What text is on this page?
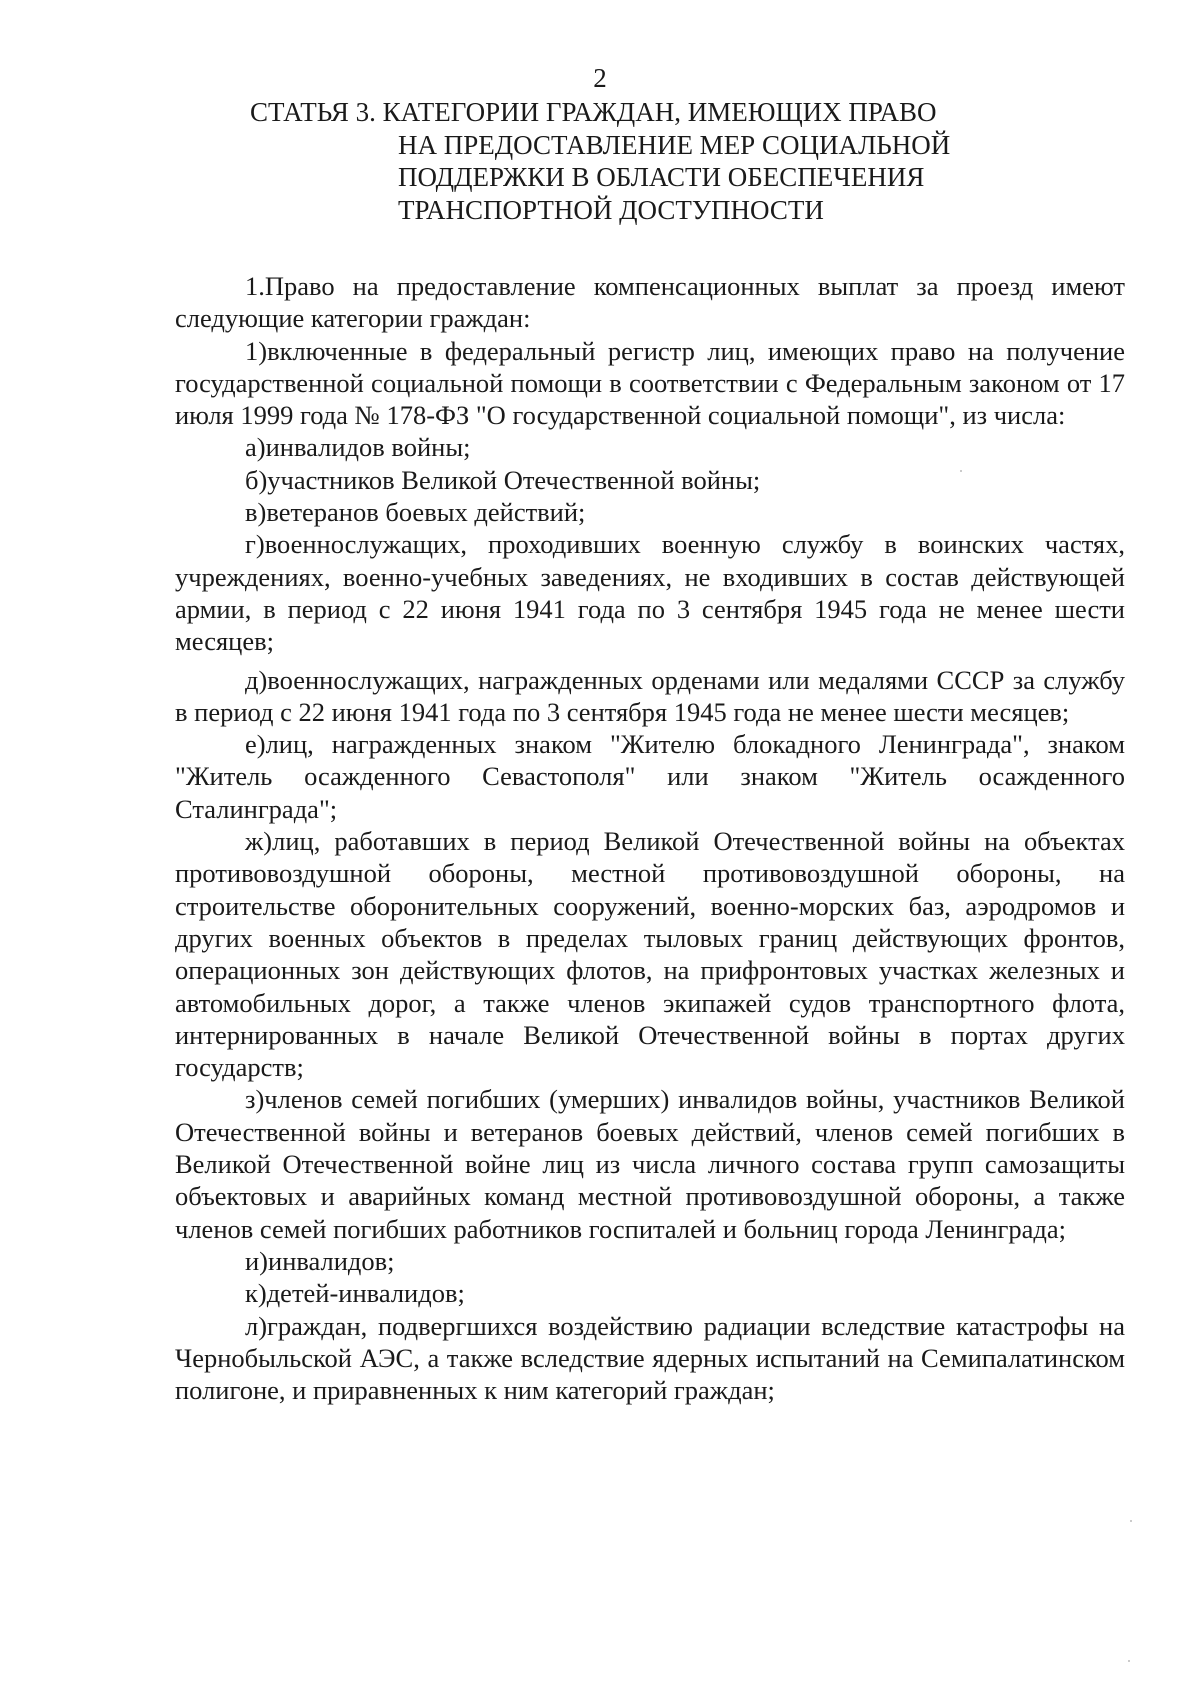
2
СТАТЬЯ 3. КАТЕГОРИИ ГРАЖДАН, ИМЕЮЩИХ ПРАВО
НА ПРЕДОСТАВЛЕНИЕ МЕР СОЦИАЛЬНОЙ
ПОДДЕРЖКИ В ОБЛАСТИ ОБЕСПЕЧЕНИЯ
ТРАНСПОРТНОЙ ДОСТУПНОСТИ

1.Право на предоставление компенсационных выплат за проезд имеют следующие категории граждан:

1)включенные в федеральный регистр лиц, имеющих право на получение государственной социальной помощи в соответствии с Федеральным законом от 17 июля 1999 года № 178-ФЗ "О государственной социальной помощи", из числа:

а)инвалидов войны;

б)участников Великой Отечественной войны;

в)ветеранов боевых действий;

г)военнослужащих, проходивших военную службу в воинских частях, учреждениях, военно-учебных заведениях, не входивших в состав действующей армии, в период с 22 июня 1941 года по 3 сентября 1945 года не менее шести месяцев;

д)военнослужащих, награжденных орденами или медалями СССР за службу в период с 22 июня 1941 года по 3 сентября 1945 года не менее шести месяцев;

е)лиц, награжденных знаком "Жителю блокадного Ленинграда", знаком "Житель осажденного Севастополя" или знаком "Житель осажденного Сталинграда";

ж)лиц, работавших в период Великой Отечественной войны на объектах противовоздушной обороны, местной противовоздушной обороны, на строительстве оборонительных сооружений, военно-морских баз, аэродромов и других военных объектов в пределах тыловых границ действующих фронтов, операционных зон действующих флотов, на прифронтовых участках железных и автомобильных дорог, а также членов экипажей судов транспортного флота, интернированных в начале Великой Отечественной войны в портах других государств;

з)членов семей погибших (умерших) инвалидов войны, участников Великой Отечественной войны и ветеранов боевых действий, членов семей погибших в Великой Отечественной войне лиц из числа личного состава групп самозащиты объектовых и аварийных команд местной противовоздушной обороны, а также членов семей погибших работников госпиталей и больниц города Ленинграда;

и)инвалидов;

к)детей-инвалидов;

л)граждан, подвергшихся воздействию радиации вследствие катастрофы на Чернобыльской АЭС, а также вследствие ядерных испытаний на Семипалатинском полигоне, и приравненных к ним категорий граждан;
